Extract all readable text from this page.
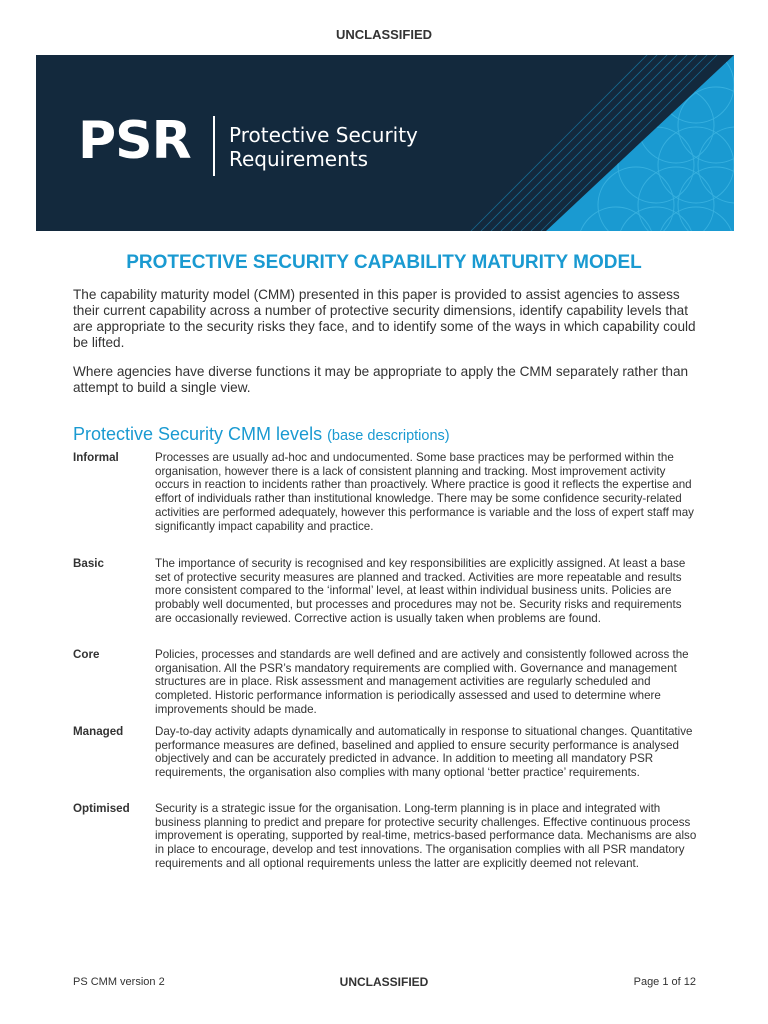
UNCLASSIFIED
PSR Protective Security
Requirements
PROTECTIVE SECURITY CAPABILITY MATURITY MODEL
The capability maturity model (CMM) presented in this paper is provided to assist agencies to assess their current capability across a number of protective security dimensions, identify capability levels that are appropriate to the security risks they face, and to identify some of the ways in which capability could be lifted.
Where agencies have diverse functions it may be appropriate to apply the CMM separately rather than attempt to build a single view.
Protective Security CMM levels (base descriptions)
Informal	Processes are usually ad-hoc and undocumented. Some base practices may be performed within the organisation, however there is a lack of consistent planning and tracking. Most improvement activity occurs in reaction to incidents rather than proactively. Where practice is good it reflects the expertise and effort of individuals rather than institutional knowledge. There may be some confidence security-related activities are performed adequately, however this performance is variable and the loss of expert staff may significantly impact capability and practice.
Basic	The importance of security is recognised and key responsibilities are explicitly assigned. At least a base set of protective security measures are planned and tracked. Activities are more repeatable and results more consistent compared to the ‘informal’ level, at least within individual business units. Policies are probably well documented, but processes and procedures may not be. Security risks and requirements are occasionally reviewed. Corrective action is usually taken when problems are found.
Core	Policies, processes and standards are well defined and are actively and consistently followed across the organisation. All the PSR’s mandatory requirements are complied with. Governance and management structures are in place. Risk assessment and management activities are regularly scheduled and completed. Historic performance information is periodically assessed and used to determine where improvements should be made.
Managed	Day-to-day activity adapts dynamically and automatically in response to situational changes. Quantitative performance measures are defined, baselined and applied to ensure security performance is analysed objectively and can be accurately predicted in advance. In addition to meeting all mandatory PSR requirements, the organisation also complies with many optional ‘better practice’ requirements.
Optimised Security is a strategic issue for the organisation. Long-term planning is in place and integrated with business planning to predict and prepare for protective security challenges. Effective continuous process improvement is operating, supported by real-time, metrics-based performance data. Mechanisms are also in place to encourage, develop and test innovations. The organisation complies with all PSR mandatory requirements and all optional requirements unless the latter are explicitly deemed not relevant.
PS CMM version 2	UNCLASSIFIED	Page 1 of 12
